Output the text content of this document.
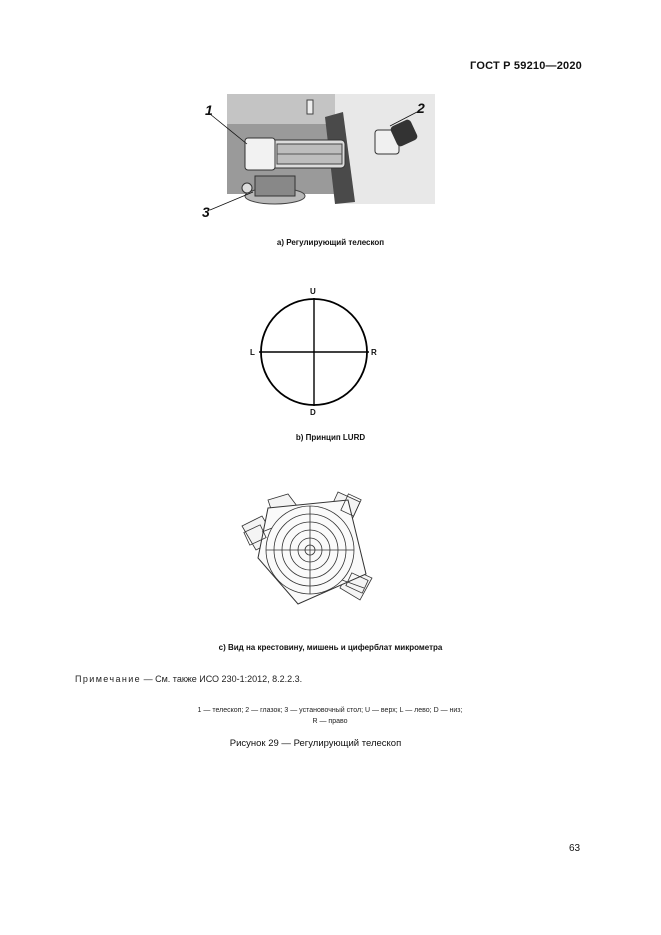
ГОСТ Р 59210—2020
1	2
3
a) Регулирующий телескоп
U
D
L	R
b) Принцип LURD
c) Вид на крестовину, мишень и циферблат микрометра
Примечание — См. также ИСО 230-1:2012, 8.2.2.3.
1 — телескоп; 2 — глазок; 3 — установочный стол; U — верх; L — лево; D — низ;
R — право
Рисунок 29 — Регулирующий телескоп
63
